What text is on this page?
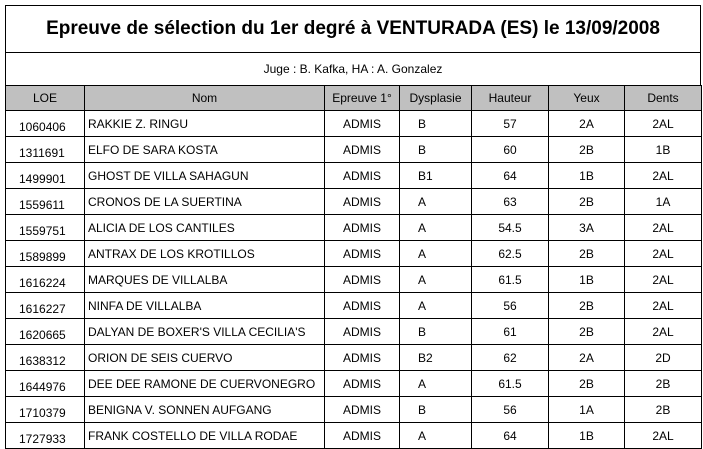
Epreuve de sélection du 1er degré à VENTURADA (ES) le 13/09/2008
Juge : B. Kafka, HA : A. Gonzalez
LOE	Nom	Epreuve 1°	Dysplasie	Hauteur	Yeux	Dents
1060406	RAKKIE Z. RINGU	ADMIS	B	57	2A	2AL
1311691	ELFO DE SARA KOSTA	ADMIS	B	60	2B	1B
1499901	GHOST DE VILLA SAHAGUN	ADMIS	B1	64	1B	2AL
1559611	CRONOS DE LA SUERTINA	ADMIS	A	63	2B	1A
1559751	ALICIA DE LOS CANTILES	ADMIS	A	54.5	3A	2AL
1589899	ANTRAX DE LOS KROTILLOS	ADMIS	A	62.5	2B	2AL
1616224	MARQUES DE VILLALBA	ADMIS	A	61.5	1B	2AL
1616227	NINFA DE VILLALBA	ADMIS	A	56	2B	2AL
1620665	DALYAN DE BOXER'S VILLA CECILIA'S	ADMIS	B	61	2B	2AL
1638312	ORION DE SEIS CUERVO	ADMIS	B2	62	2A	2D
1644976	DEE DEE RAMONE DE CUERVONEGRO	ADMIS	A	61.5	2B	2B
1710379	BENIGNA V. SONNEN AUFGANG	ADMIS	B	56	1A	2B
1727933	FRANK COSTELLO DE VILLA RODAE	ADMIS	A	64	1B	2AL
